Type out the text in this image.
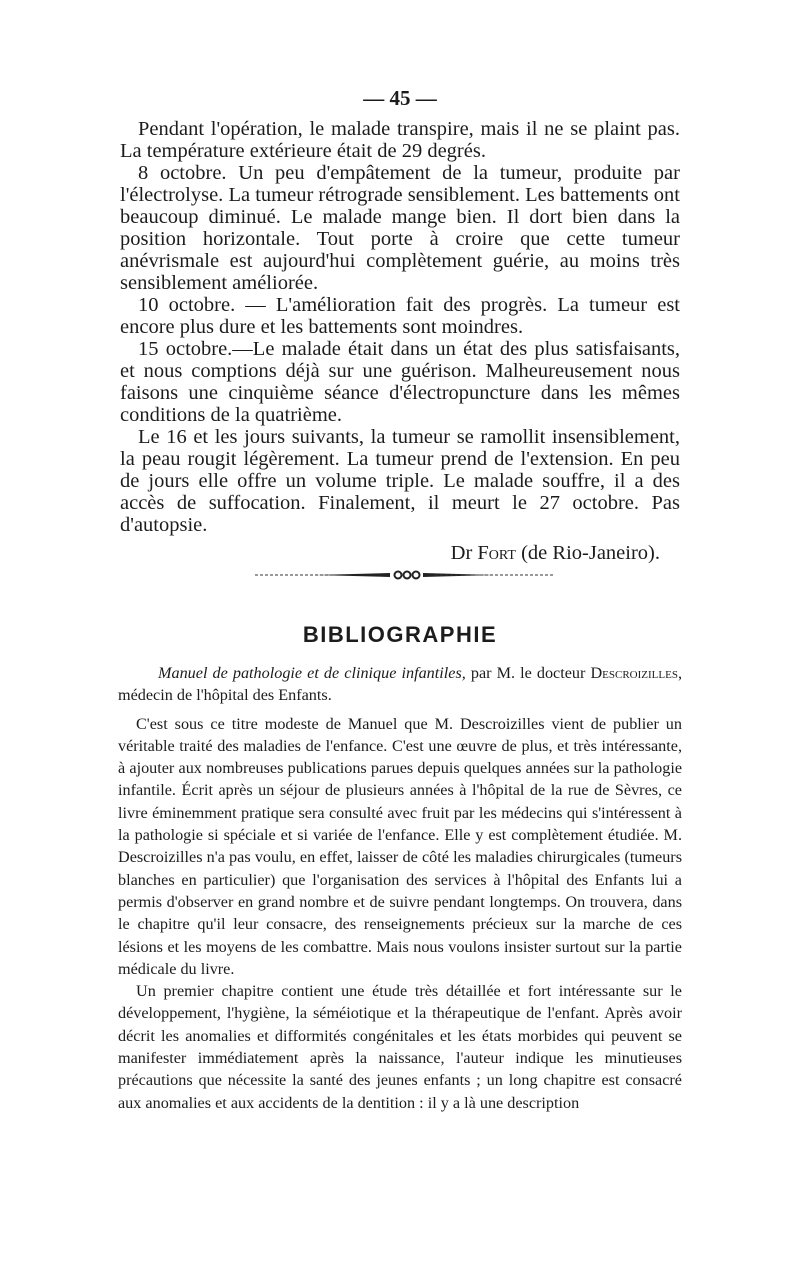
— 45 —

Pendant l'opération, le malade transpire, mais il ne se plaint pas. La température extérieure était de 29 degrés.

8 octobre. Un peu d'empâtement de la tumeur, produite par l'électrolyse. La tumeur rétrograde sensiblement. Les battements ont beaucoup diminué. Le malade mange bien. Il dort bien dans la position horizontale. Tout porte à croire que cette tumeur anévrismale est aujourd'hui complètement guérie, au moins très sensiblement améliorée.

10 octobre. — L'amélioration fait des progrès. La tumeur est encore plus dure et les battements sont moindres.

15 octobre.—Le malade était dans un état des plus satisfaisants, et nous comptions déjà sur une guérison. Malheureusement nous faisons une cinquième séance d'électropuncture dans les mêmes conditions de la quatrième.

Le 16 et les jours suivants, la tumeur se ramollit insensiblement, la peau rougit légèrement. La tumeur prend de l'extension. En peu de jours elle offre un volume triple. Le malade souffre, il a des accès de suffocation. Finalement, il meurt le 27 octobre. Pas d'autopsie.

Dr Fort (de Rio-Janeiro).

BIBLIOGRAPHIE

Manuel de pathologie et de clinique infantiles, par M. le docteur Descroizilles, médecin de l'hôpital des Enfants.

C'est sous ce titre modeste de Manuel que M. Descroizilles vient de publier un véritable traité des maladies de l'enfance. C'est une œuvre de plus, et très intéressante, à ajouter aux nombreuses publications parues depuis quelques années sur la pathologie infantile. Écrit après un séjour de plusieurs années à l'hôpital de la rue de Sèvres, ce livre éminemment pratique sera consulté avec fruit par les médecins qui s'intéressent à la pathologie si spéciale et si variée de l'enfance. Elle y est complètement étudiée. M. Descroizilles n'a pas voulu, en effet, laisser de côté les maladies chirurgicales (tumeurs blanches en particulier) que l'organisation des services à l'hôpital des Enfants lui a permis d'observer en grand nombre et de suivre pendant longtemps. On trouvera, dans le chapitre qu'il leur consacre, des renseignements précieux sur la marche de ces lésions et les moyens de les combattre. Mais nous voulons insister surtout sur la partie médicale du livre.

Un premier chapitre contient une étude très détaillée et fort intéressante sur le développement, l'hygiène, la séméiotique et la thérapeutique de l'enfant. Après avoir décrit les anomalies et difformités congénitales et les états morbides qui peuvent se manifester immédiatement après la naissance, l'auteur indique les minutieuses précautions que nécessite la santé des jeunes enfants ; un long chapitre est consacré aux anomalies et aux accidents de la dentition : il y a là une description
